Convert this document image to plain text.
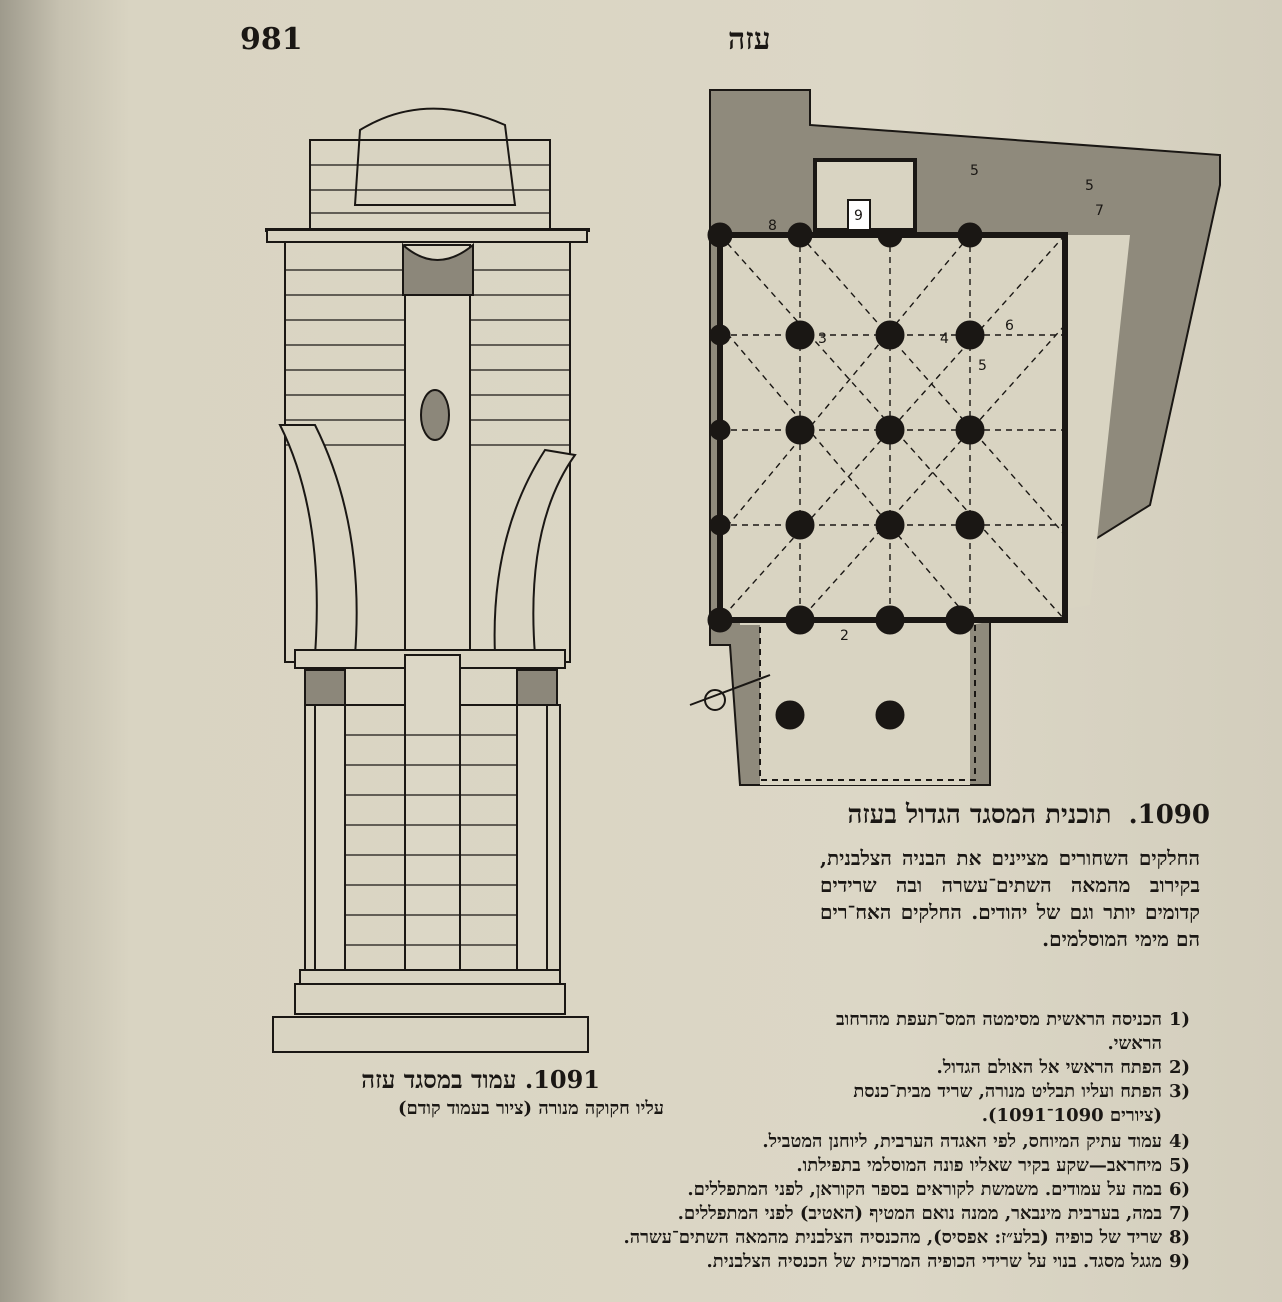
981	עזה
9
8
3	4
5
5
5
6
7
2
1090. תוכנית המסגד הגדול בעזה
החלקים השחורים מציינים את הבניה הצלבנית, בקירוב מהמאה השתים־עשרה ובה שרידים קדומים יותר וגם של יהודים. החלקים האח־רים הם מימי המוסלמים.
(1
הכניסה הראשית מסימטה המס־תעפת מהרחוב הראשי.
(2
הפתח הראשי אל האולם הגדול.
(3
הפתח ועליו תבליט מנורה, שריד מבית־כנסת (ציורים 1090־1091).
(4
עמוד עתיק המיוחס, לפי האגדה הערבית, ליוחנן המטביל.
(5
מיחראב—שקע בקיר שאליו פונה המוסלמי בתפילתו.
(6
במה על עמודים. משמשת לקוראים בספר הקוראן, לפני המתפללים.
(7
במה, בערבית מינבאר, ממנה נואם המטיף (האטיב) לפני המתפללים.
(8
שריד של כופיה (בלע״ז: אפסיס), מהכנסיה הצלבנית מהמאה השתים־עשרה.
(9
מגגל מסגד. בנוי על שרידי הכופיה המרכזית של הכנסיה הצלבנית.
1091. עמוד במסגד עזה
עליו חקוקה מנורה (ציור בעמוד קודם)
